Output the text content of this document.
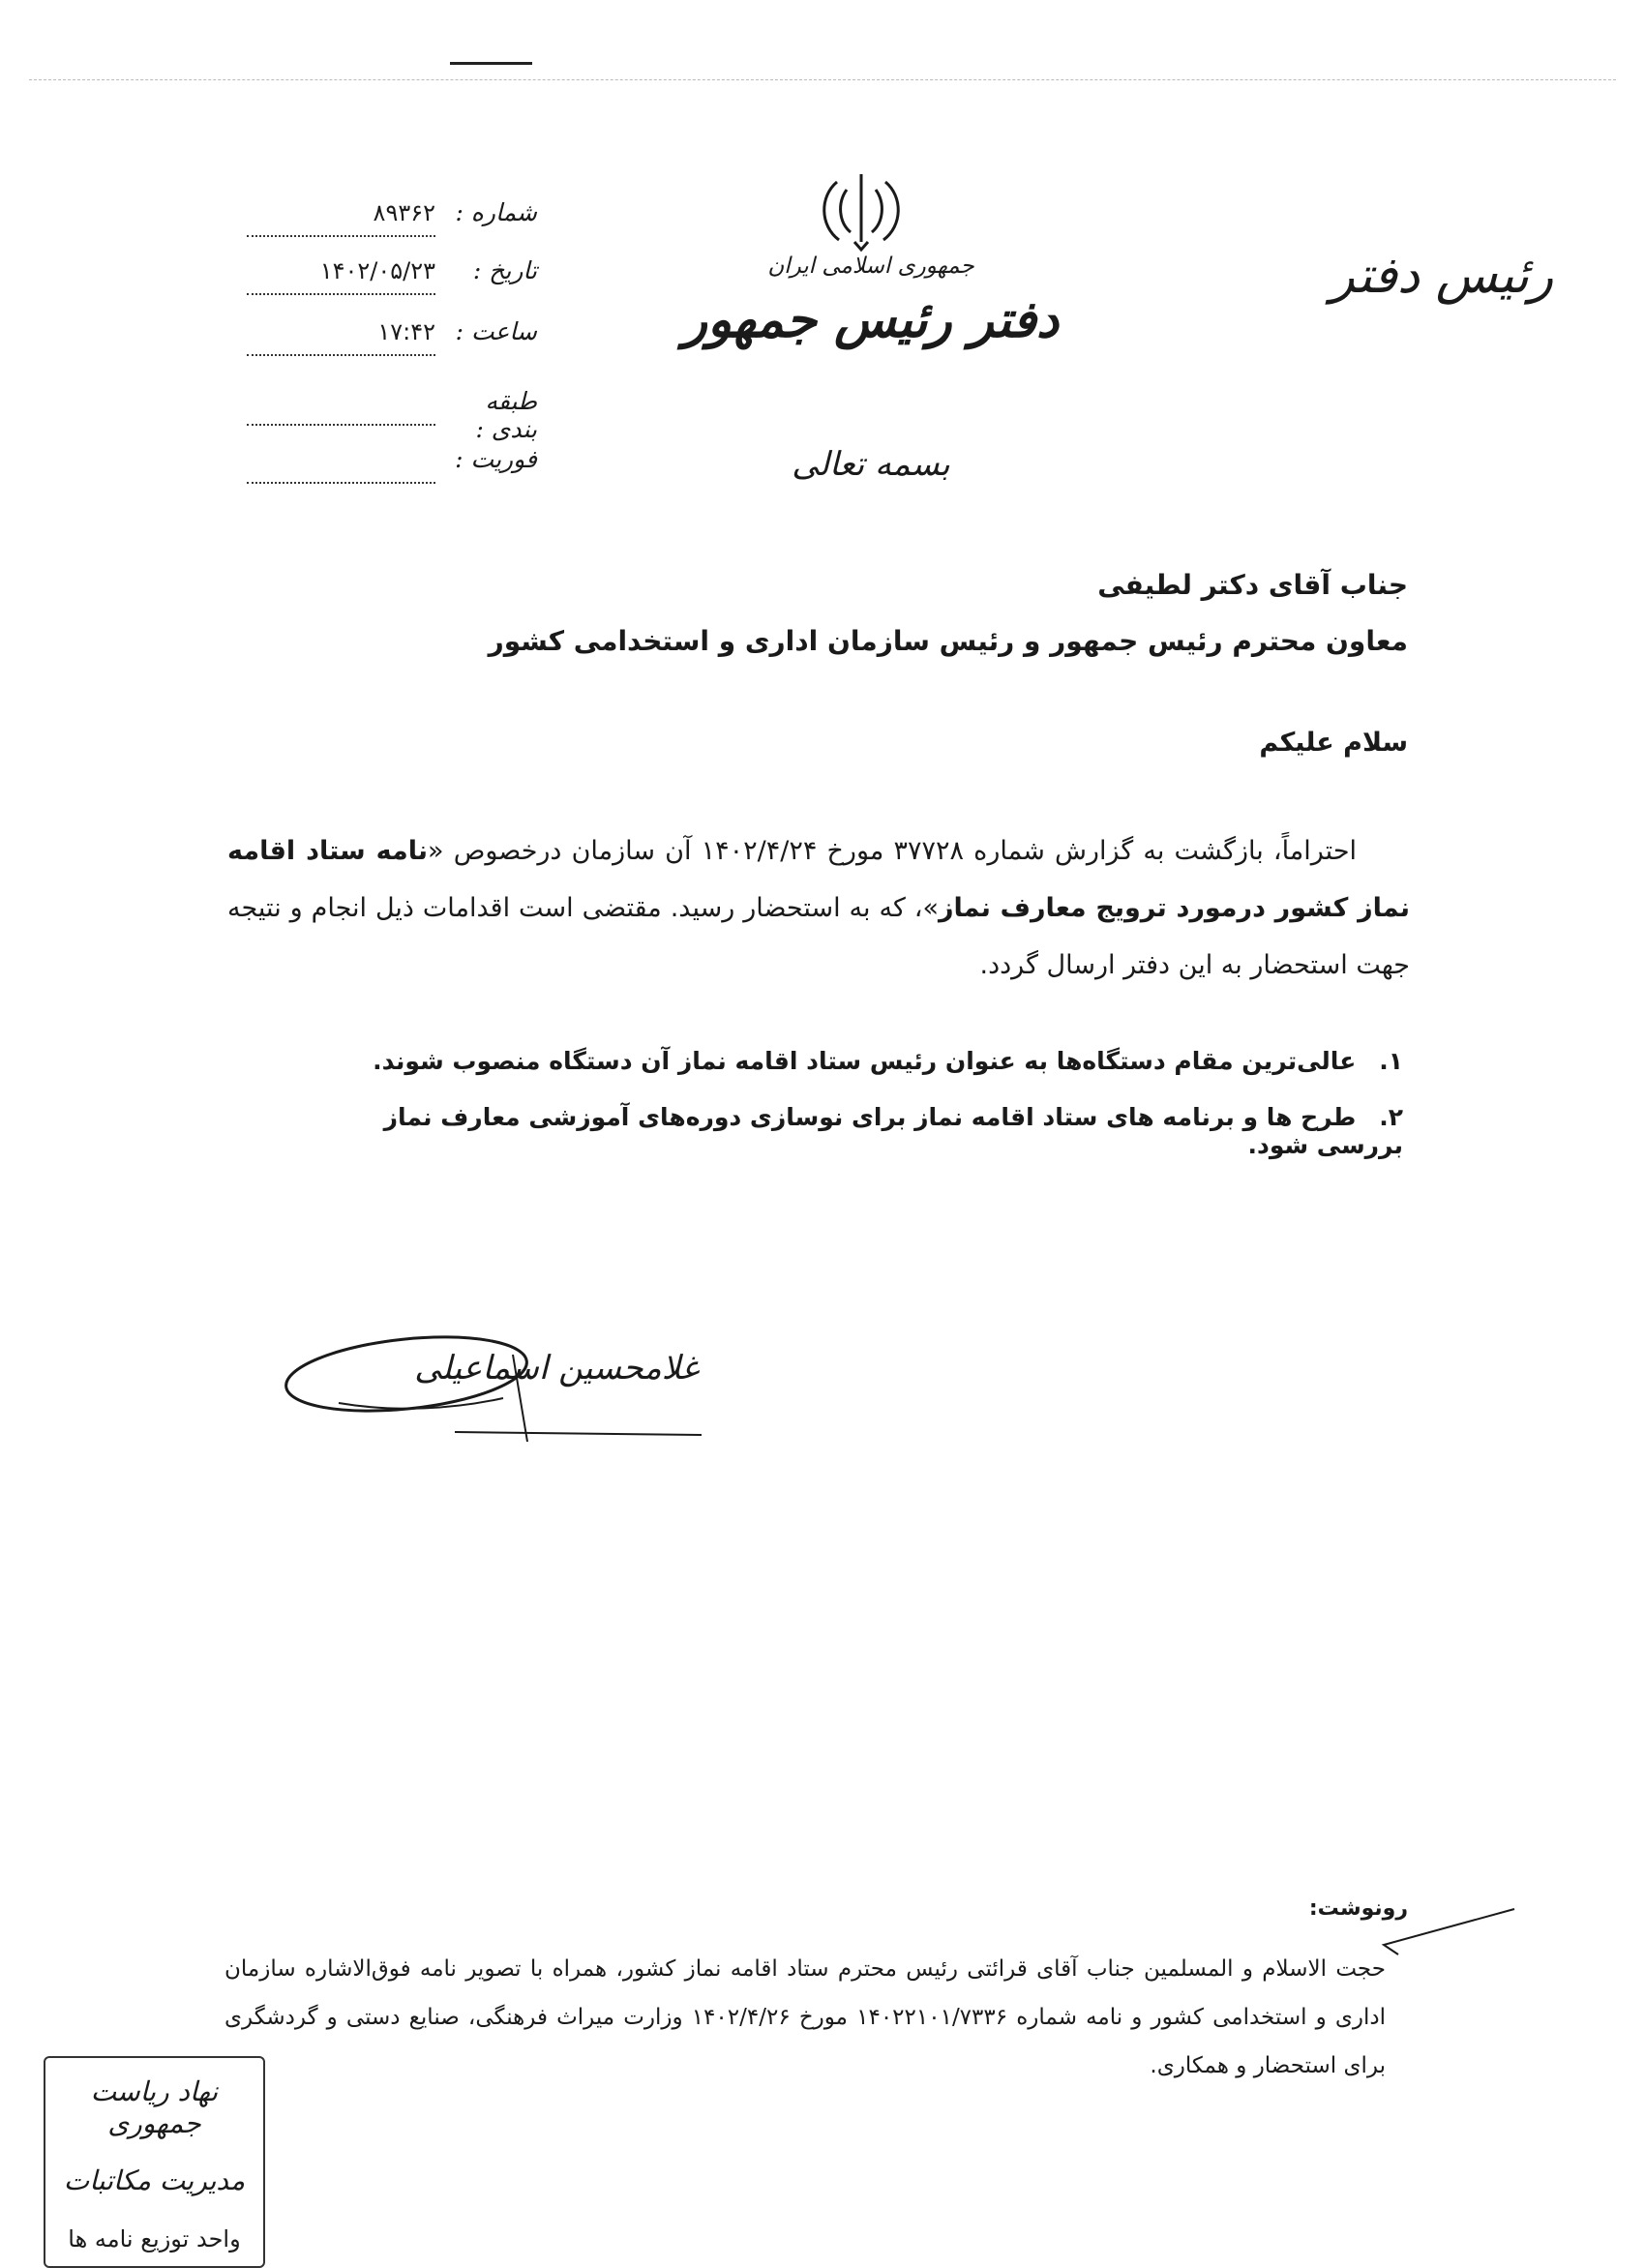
جمهوری اسلامی ایران
دفتر رئیس جمهور
بسمه تعالی
رئیس دفتر
شماره :
۸۹۳۶۲
تاریخ :
۱۴۰۲/۰۵/۲۳
ساعت :
۱۷:۴۲
طبقه بندی :
فوریت :
جناب آقای دکتر لطیفی
معاون محترم رئیس جمهور و رئیس سازمان اداری و استخدامی کشور
سلام علیکم
احتراماً، بازگشت به گزارش شماره ۳۷۷۲۸ مورخ ۱۴۰۲/۴/۲۴ آن سازمان درخصوص «نامه ستاد اقامه نماز کشور درمورد ترویج معارف نماز»، که به استحضار رسید. مقتضی است اقدامات ذیل انجام و نتیجه جهت استحضار به این دفتر ارسال گردد.
۱. عالی‌ترین مقام دستگاه‌ها به عنوان رئیس ستاد اقامه نماز آن دستگاه منصوب شوند.
۲. طرح ها و برنامه های ستاد اقامه نماز برای نوسازی دوره‌های آموزشی معارف نماز بررسی شود.
غلامحسین اسماعیلی
رونوشت:
حجت الاسلام و المسلمین جناب آقای قرائتی رئیس محترم ستاد اقامه نماز کشور، همراه با تصویر نامه فوق‌الاشاره سازمان اداری و استخدامی کشور و نامه شماره ۱۴۰۲۲۱۰۱/۷۳۳۶ مورخ ۱۴۰۲/۴/۲۶ وزارت میراث فرهنگی، صنایع دستی و گردشگری برای استحضار و همکاری.
نهاد ریاست جمهوری
مدیریت مکاتبات
واحد توزیع نامه ها
